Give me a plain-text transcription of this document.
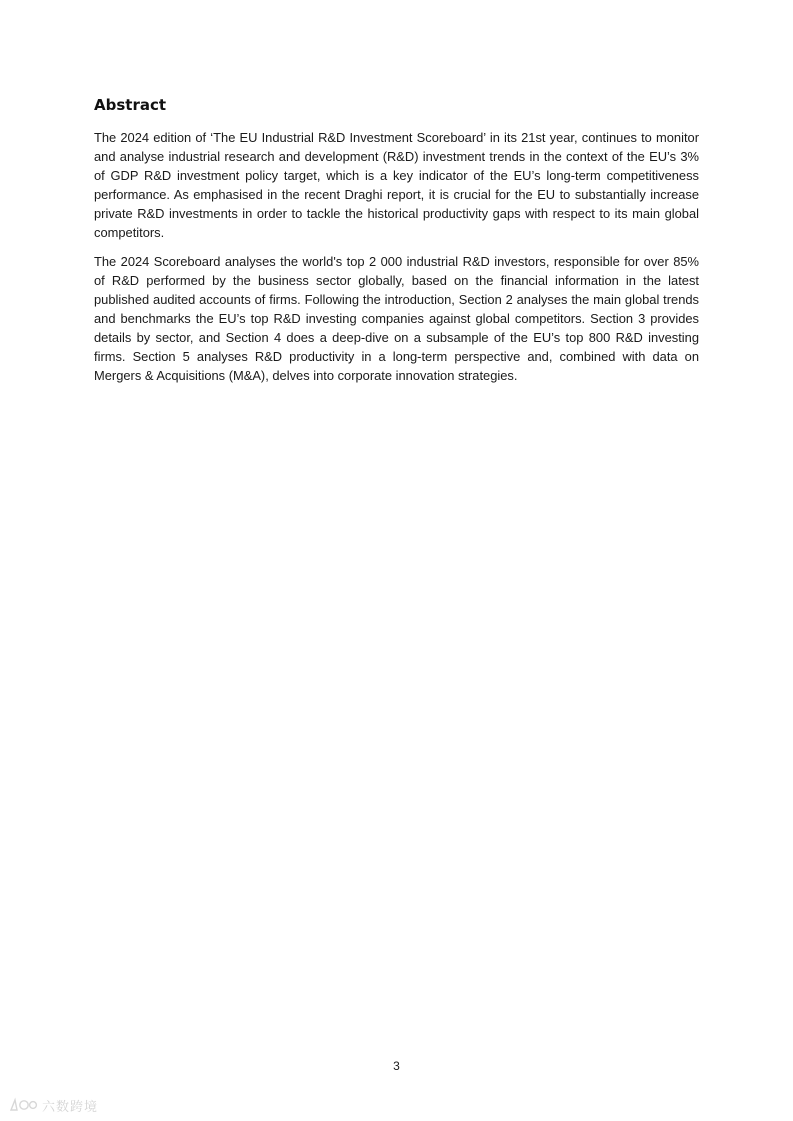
Abstract

The 2024 edition of ‘The EU Industrial R&D Investment Scoreboard’ in its 21st year, continues to monitor and analyse industrial research and development (R&D) investment trends in the context of the EU’s 3% of GDP R&D investment policy target, which is a key indicator of the EU’s long-term competitiveness performance. As emphasised in the recent Draghi report, it is crucial for the EU to substantially increase private R&D investments in order to tackle the historical productivity gaps with respect to its main global competitors.

The 2024 Scoreboard analyses the world's top 2 000 industrial R&D investors, responsible for over 85% of R&D performed by the business sector globally, based on the financial information in the latest published audited accounts of firms. Following the introduction, Section 2 analyses the main global trends and benchmarks the EU’s top R&D investing companies against global competitors. Section 3 provides details by sector, and Section 4 does a deep-dive on a subsample of the EU’s top 800 R&D investing firms. Section 5 analyses R&D productivity in a long-term perspective and, combined with data on Mergers & Acquisitions (M&A), delves into corporate innovation strategies.

3
六数跨境
